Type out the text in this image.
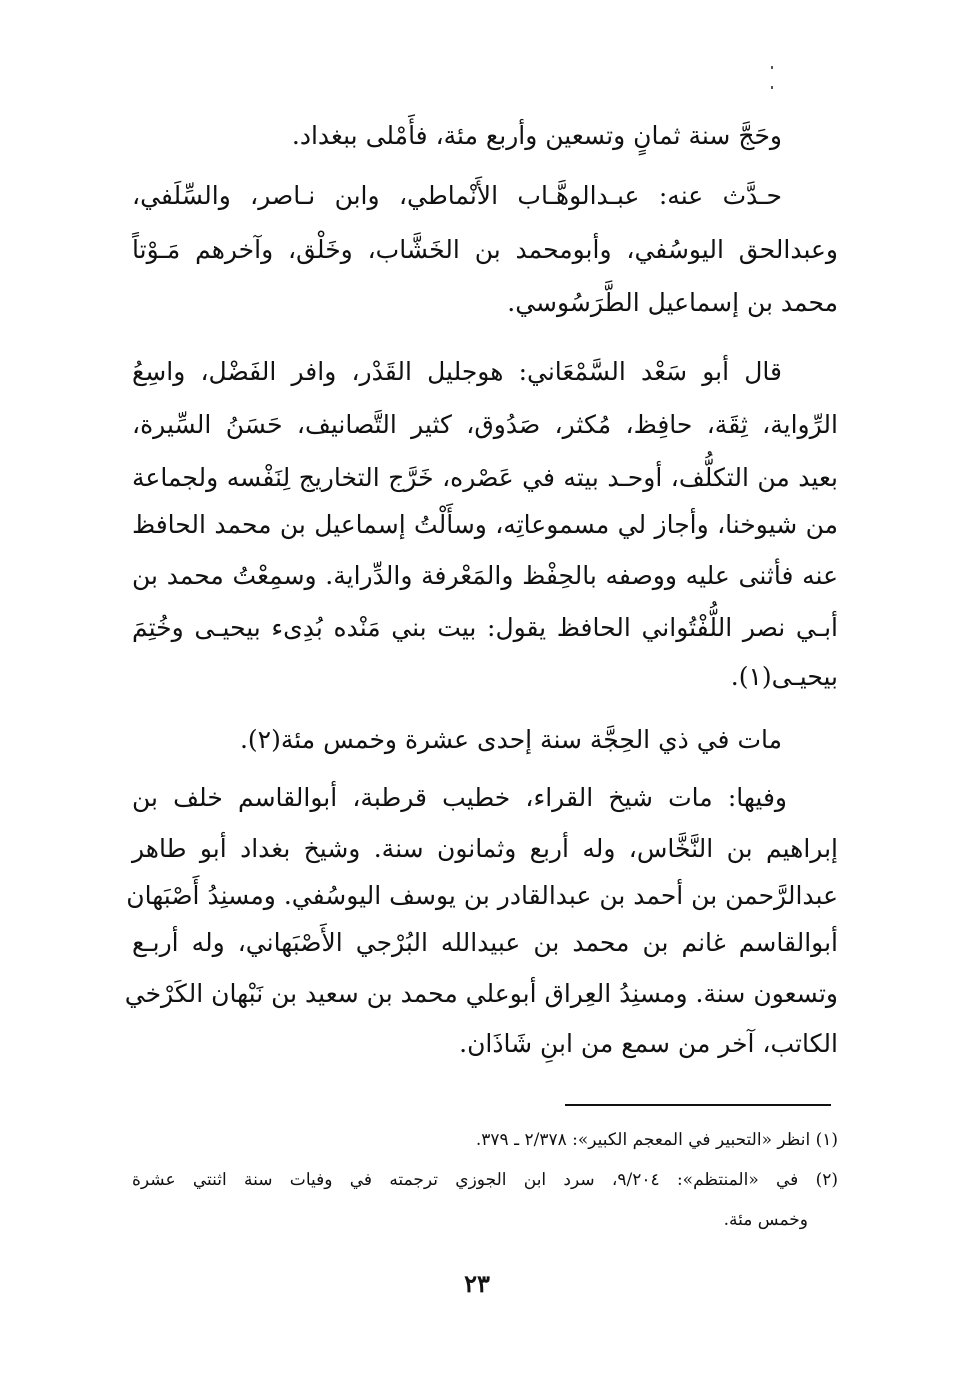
وحَجَّ سنة ثمانٍ وتسعين وأربع مئة، فأَمْلى ببغداد.
حـدَّث عنه: عبـدالوهَّـاب الأَنْماطي، وابن نـاصر، والسِّلَفي،
وعبدالحق اليوسُفي، وأبومحمد بن الخَشَّاب، وخَلْق، وآخرهم مَـوْتاً
محمد بن إسماعيل الطَّرَسُوسي.
قال أبو سَعْد السَّمْعَاني: هوجليل القَدْر، وافر الفَضْل، واسِعُ
الرِّواية، ثِقَة، حافِظ، مُكثر، صَدُوق، كثير التَّصانيف، حَسَنُ السِّيرة،
بعيد من التكلُّف، أوحـد بيته في عَصْره، خَرَّج التخاريج لِنَفْسه ولجماعة
من شيوخنا، وأجاز لي مسموعاتِه، وسأَلْتُ إسماعيل بن محمد الحافظ
عنه فأثنى عليه ووصفه بالحِفْظ والمَعْرفة والدِّراية. وسمِعْتُ محمد بن
أبـي نصر اللُّفْتُواني الحافظ يقول: بيت بني مَنْده بُدِىء بيحيـى وخُتِمَ
بيحيـى(١).
مات في ذي الحِجَّة سنة إحدى عشرة وخمس مئة(٢).
وفيها: مات شيخ القراء، خطيب قرطبة، أبوالقاسم خلف بن
إبراهيم بن النَّخَّاس، وله أربع وثمانون سنة. وشيخ بغداد أبو طاهر
عبدالرَّحمن بن أحمد بن عبدالقادر بن يوسف اليوسُفي. ومسنِدُ أَصْبَهان
أبوالقاسم غانم بن محمد بن عبيدالله البُرْجي الأَصْبَهاني، وله أربـع
وتسعون سنة. ومسنِدُ العِراق أبوعلي محمد بن سعيد بن نَبْهان الكَرْخي
الكاتب، آخر من سمع من ابنِ شَاذَان.
(١) انظر «التحبير في المعجم الكبير»: ٢/٣٧٨ ـ ٣٧٩.
(٢) في «المنتظم»: ٩/٢٠٤، سرد ابن الجوزي ترجمته في وفيات سنة اثنتي عشرة
وخمس مئة.
٢٣
